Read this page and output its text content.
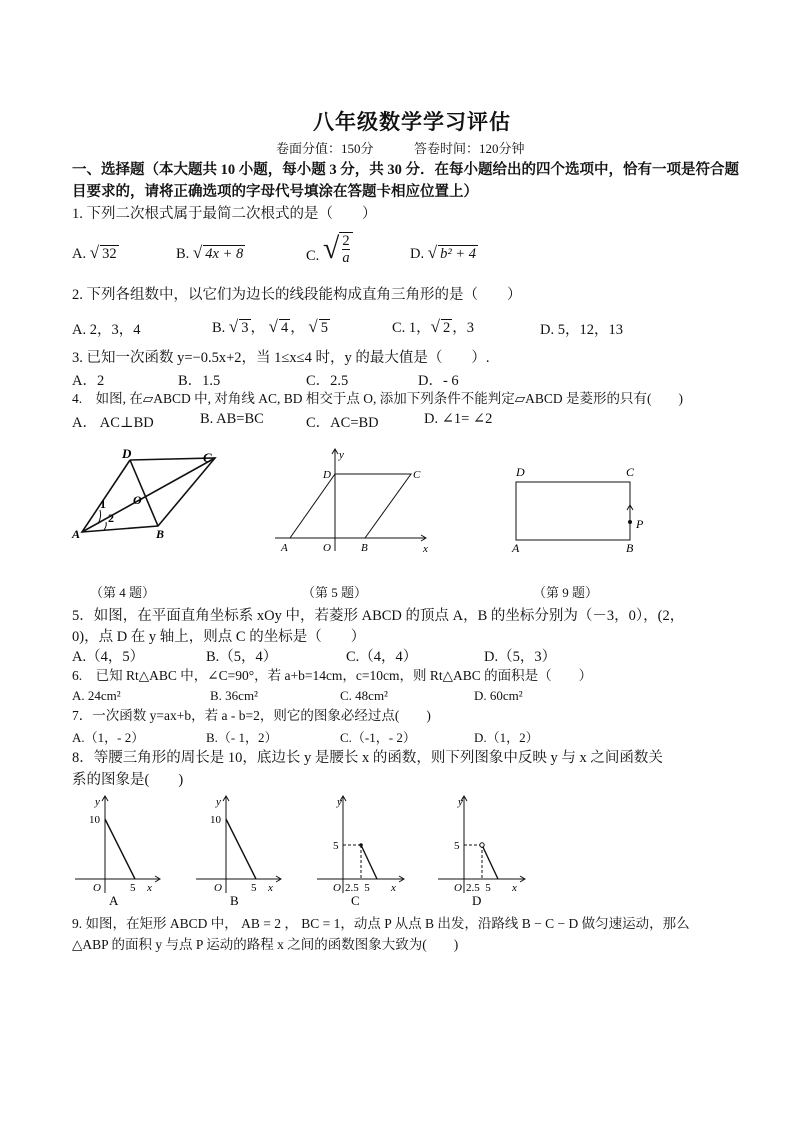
八年级数学学习评估
卷面分值：150分	答卷时间：120分钟
一、选择题（本大题共 10 小题，每小题 3 分，共 30 分．在每小题给出的四个选项中，恰有一项是符合题
目要求的，请将正确选项的字母代号填涂在答题卡相应位置上）
1. 下列二次根式属于最简二次根式的是（　　）
A. √ 32	B. √ 4x + 8	C. √ $\frac{2}{a}$	D. √ b² + 4
2. 下列各组数中，以它们为边长的线段能构成直角三角形的是（　　）
A. 2，3，4	B. √ 3 ， √ 4 ， √ 5	C. 1，√ 2 ，3	D. 5，12，13
3. 已知一次函数 y=−0.5x+2，当 1≤x≤4 时，y 的最大值是（　　）.
A．2	B．1.5	C．2.5	D．- 6
4.　如图, 在▱ABCD 中, 对角线 AC, BD 相交于点 O, 添加下列条件不能判定▱ABCD 是菱形的只有(　　)
A． AC⊥BD	B. AB=BC	C．AC=BD	D. ∠1= ∠2
D	C
A	B
O
1
2
（第 4 题）
y
D	C
A	O	B	x
（第 5 题）
D	C
P
A	B
（第 9 题）
5．如图，在平面直角坐标系 xOy 中，若菱形 ABCD 的顶点 A，B 的坐标分别为（－3，0），(2，
0)，点 D 在 y 轴上，则点 C 的坐标是（　　）
A.（4，5）	B.（5，4）	C.（4，4）	D.（5，3）
6.　已知 Rt△ABC 中，∠C=90°，若 a+b=14cm，c=10cm，则 Rt△ABC 的面积是（　　）
A. 24cm²	B. 36cm²	C. 48cm²	D. 60cm²
7．一次函数 y=ax+b，若 a - b=2，则它的图象必经过点(　　)
A.（1，- 2）	B.（- 1，2）	C.（-1，- 2）	D.（1，2）
8．等腰三角形的周长是 10，底边长 y 是腰长 x 的函数，则下列图象中反映 y 与 x 之间函数关
系的图象是(　　)
y
10
O	5 x
A
y
10
O	5 x
B
y
5
O 2.5  5 x
C
y
5
O 2.5  5 x
D
9. 如图，在矩形 ABCD 中， AB = 2 ， BC = 1，动点 P 从点 B 出发，沿路线 B − C − D 做匀速运动，那么
△ABP 的面积 y 与点 P 运动的路程 x 之间的函数图象大致为(　　)
